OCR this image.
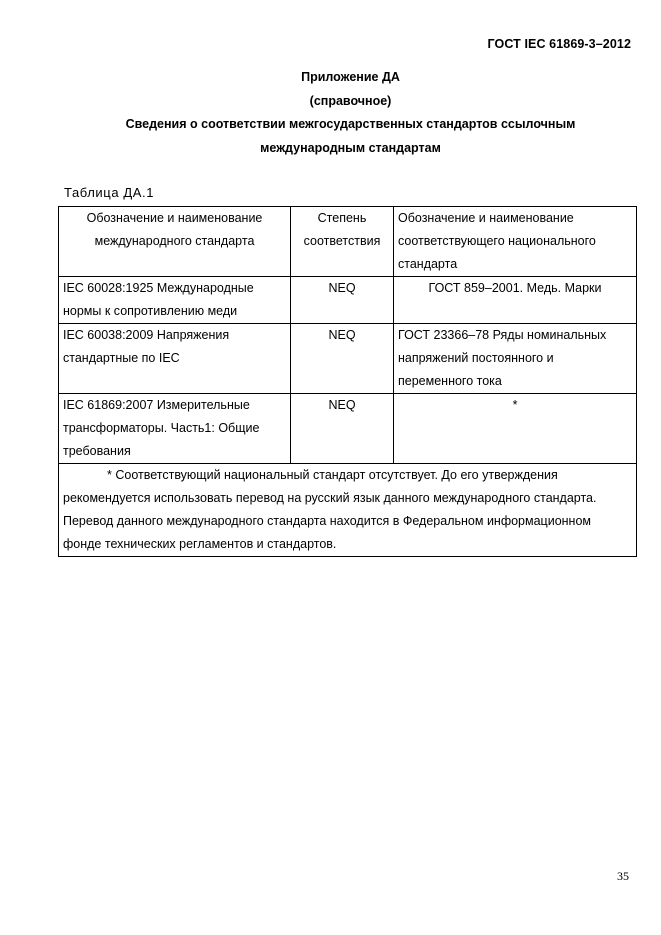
ГОСТ IEC 61869-3–2012
Приложение ДА
(справочное)
Сведения о соответствии межгосударственных стандартов ссылочным
международным стандартам
Таблица ДА.1
Обозначение и наименование международного стандарта	Степень соответствия	Обозначение и наименование соответствующего национального стандарта
IEC 60028:1925 Международные нормы к сопротивлению меди	NEQ	ГОСТ 859–2001. Медь. Марки
IEC 60038:2009 Напряжения стандартные по IEC	NEQ	ГОСТ 23366–78 Ряды номинальных напряжений постоянного и переменного тока
IEC 61869:2007 Измерительные трансформаторы. Часть1: Общие требования	NEQ	*
* Соответствующий национальный стандарт отсутствует. До его утверждения рекомендуется использовать перевод на русский язык данного международного стандарта. Перевод данного международного стандарта находится в Федеральном информационном фонде технических регламентов и стандартов.		
35
